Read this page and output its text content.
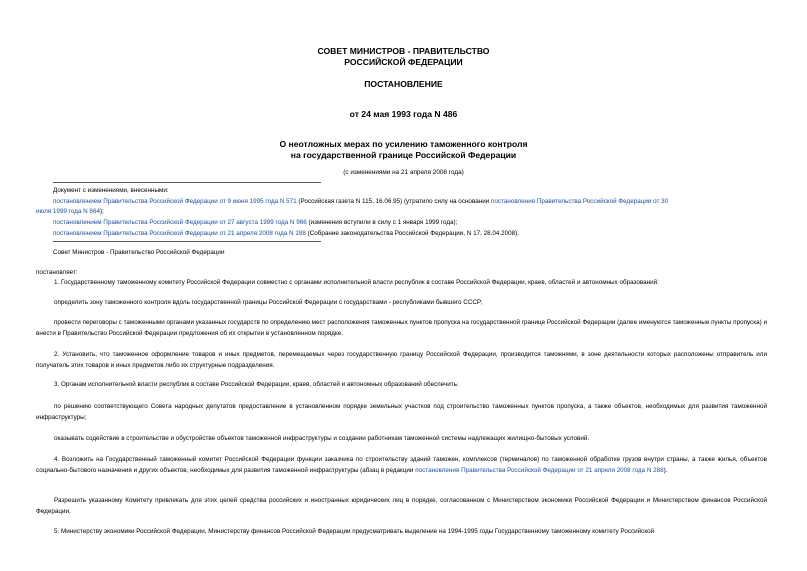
СОВЕТ МИНИСТРОВ - ПРАВИТЕЛЬСТВО
РОССИЙСКОЙ ФЕДЕРАЦИИ
ПОСТАНОВЛЕНИЕ
от 24 мая 1993 года N 486
О неотложных мерах по усилению таможенного контроля
на государственной границе Российской Федерации
(с изменениями на 21 апреля 2008 года)
Документ с изменениями, внесенными:
постановлением Правительства Российской Федерации от 9 июня 1995 года N 571 (Российская газета N 115, 16.06.95) (утратило силу на основании постановления Правительства Российской Федерации от 30
июля 1999 года N 864);
постановлением Правительства Российской Федерации от 27 августа 1999 года N 966 (изменения вступили в силу с 1 января 1999 года);
постановлением Правительства Российской Федерации от 21 апреля 2008 года N 288 (Собрание законодательства Российской Федерации, N 17, 28.04.2008).
Совет Министров - Правительство Российской Федерации
постановляет:
1. Государственному таможенному комитету Российской Федерации совместно с органами исполнительной власти республик в составе Российской Федерации, краев, областей и автономных образований:
определить зону таможенного контроля вдоль государственной границы Российской Федерации с государствами - республиками бывшего СССР;
провести переговоры с таможенными органами указанных государств по определению мест расположения таможенных пунктов пропуска на государственной границе Российской Федерации (далее именуются таможенные пункты пропуска) и внести в Правительство Российской Федерации предложения об их открытии в установленном порядке.
2. Установить, что таможенное оформление товаров и иных предметов, перемещаемых через государственную границу Российской Федерации, производится таможнями, в зоне деятельности которых расположены отправитель или получатель этих товаров и иных предметов либо их структурные подразделения.
3. Органам исполнительной власти республик в составе Российской Федерации, краев, областей и автономных образований обеспечить:
по решению соответствующего Совета народных депутатов предоставление в установленном порядке земельных участков под строительство таможенных пунктов пропуска, а также объектов, необходимых для развития таможенной инфраструктуры;
оказывать содействие в строительстве и обустройстве объектов таможенной инфраструктуры и создании работникам таможенной системы надлежащих жилищно-бытовых условий.
4. Возложить на Государственный таможенный комитет Российской Федерации функции заказчика по строительству зданий таможен, комплексов (терминалов) по таможенной обработке грузов внутри страны, а также жилья, объектов социально-бытового назначения и других объектов, необходимых для развития таможенной инфраструктуры (абзац в редакции постановления Правительства Российской Федерации от 21 апреля 2008 года N 288).
Разрешить указанному Комитету привлекать для этих целей средства российских и иностранных юридических лиц в порядке, согласованном с Министерством экономики Российской Федерации и Министерством финансов Российской Федерации.
5. Министерству экономики Российской Федерации, Министерству финансов Российской Федерации предусматривать выделение на 1994-1995 годы Государственному таможенному комитету Российской
